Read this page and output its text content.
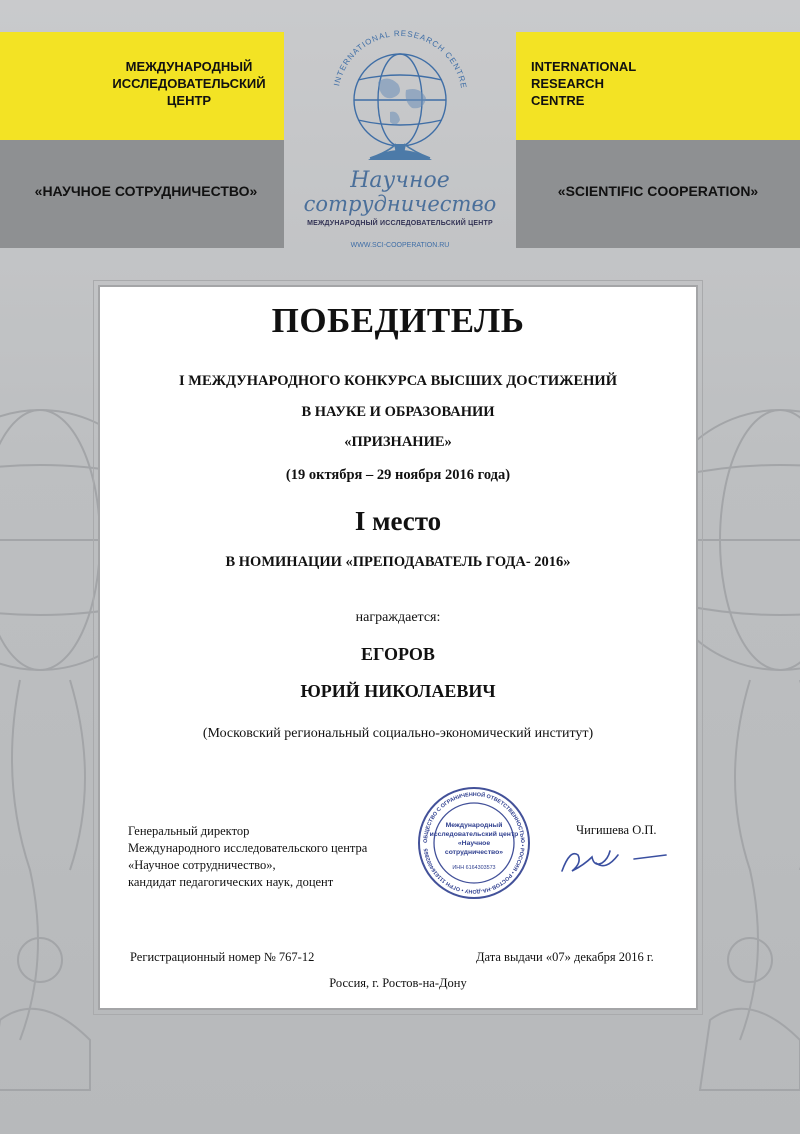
МЕЖДУНАРОДНЫЙ
ИССЛЕДОВАТЕЛЬСКИЙ
ЦЕНТР
INTERNATIONAL
RESEARCH
CENTRE
«НАУЧНОЕ СОТРУДНИЧЕСТВО»	«SCIENTIFIC COOPERATION»
INTERNATIONAL RESEARCH CENTRE
Научное
сотрудничество
МЕЖДУНАРОДНЫЙ ИССЛЕДОВАТЕЛЬСКИЙ ЦЕНТР
WWW.SCI-COOPERATION.RU
ПОБЕДИТЕЛЬ
I МЕЖДУНАРОДНОГО КОНКУРСА ВЫСШИХ ДОСТИЖЕНИЙ
В НАУКЕ И ОБРАЗОВАНИИ
«ПРИЗНАНИЕ»
(19 октября – 29 ноября 2016 года)
I место
В НОМИНАЦИИ «ПРЕПОДАВАТЕЛЬ ГОДА- 2016»
награждается:
ЕГОРОВ
ЮРИЙ НИКОЛАЕВИЧ
(Московский региональный социально-экономический институт)
Генеральный директор
Международного исследовательского центра
«Научное сотрудничество»,
кандидат педагогических наук, доцент
ОБЩЕСТВО С ОГРАНИЧЕННОЙ ОТВЕТСТВЕННОСТЬЮ • РОССИЯ • РОСТОВ-НА-ДОНУ • ОГРН 1116164002865
Международный
исследовательский центр
«Научное
сотрудничество»
ИНН 6164303573
Чигишева О.П.
Регистрационный номер № 767-12	Дата выдачи «07» декабря 2016 г.
Россия, г. Ростов-на-Дону
